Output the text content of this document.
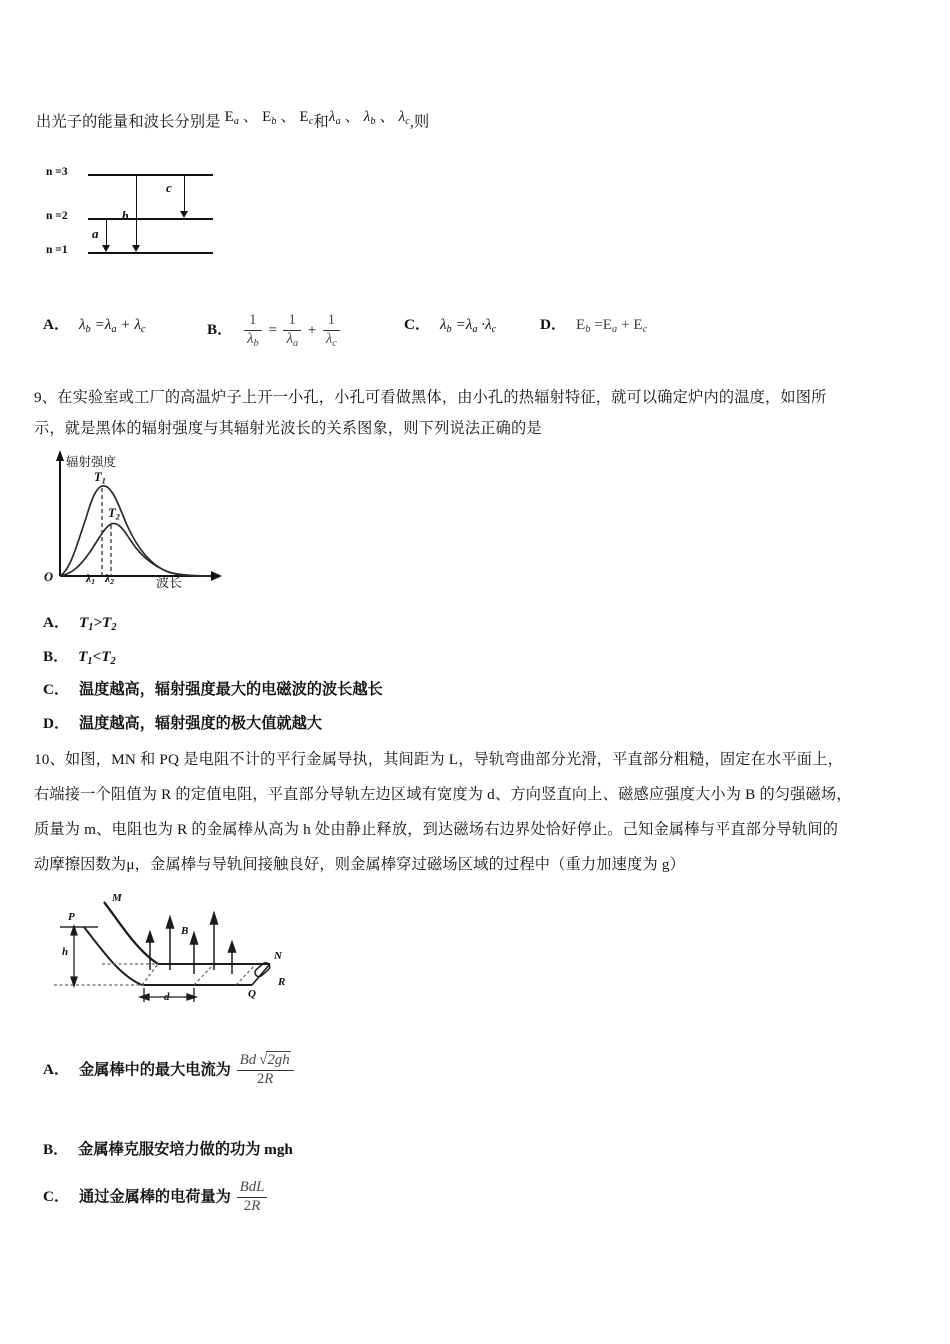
出光子的能量和波长分别是 $E_a$ 、 $E_b$ 、 $E_c$和$\lambda_a$ 、 $\lambda_b$ 、 $\lambda_c$,则
n =3
n =2
n =1
a
b
c
A． $\lambda_b =\lambda_a + \lambda_c$	B． $\frac{1}{\lambda_b} = \frac{1}{\lambda_a} + \frac{1}{\lambda_c}$	C． $\lambda_b =\lambda_a \cdot\lambda_c$	D． $E_b =E_a + E_c$
9、在实验室或工厂的高温炉子上开一小孔，小孔可看做黑体，由小孔的热辐射特征，就可以确定炉内的温度，如图所
示，就是黑体的辐射强度与其辐射光波长的关系图象，则下列说法正确的是
辐射强度
波长
O
$T_1$
$T_2$
$\lambda_1$ $\lambda_2$
A． $T_1>T_2$
B． $T_1<T_2$
C． 温度越高，辐射强度最大的电磁波的波长越长
D． 温度越高，辐射强度的极大值就越大
10、如图，MN 和 PQ 是电阻不计的平行金属导执，其间距为 L，导轨弯曲部分光滑，平直部分粗糙，固定在水平面上，
右端接一个阻值为 R 的定值电阻，平直部分导轨左边区域有宽度为 d、方向竖直向上、磁感应强度大小为 B 的匀强磁场，
质量为 m、电阻也为 R 的金属棒从高为 h 处由静止释放，到达磁场右边界处恰好停止。己知金属棒与平直部分导轨间的
动摩擦因数为μ，金属棒与导轨间接触良好，则金属棒穿过磁场区域的过程中（重力加速度为 g）
M
P
h
B
d
N
Q
R
A． 金属棒中的最大电流为 $\frac{Bd √2gh}{2R}$
B． 金属棒克服安培力做的功为 mgh
C． 通过金属棒的电荷量为 $\frac{\text{BdL}}{2R}$
